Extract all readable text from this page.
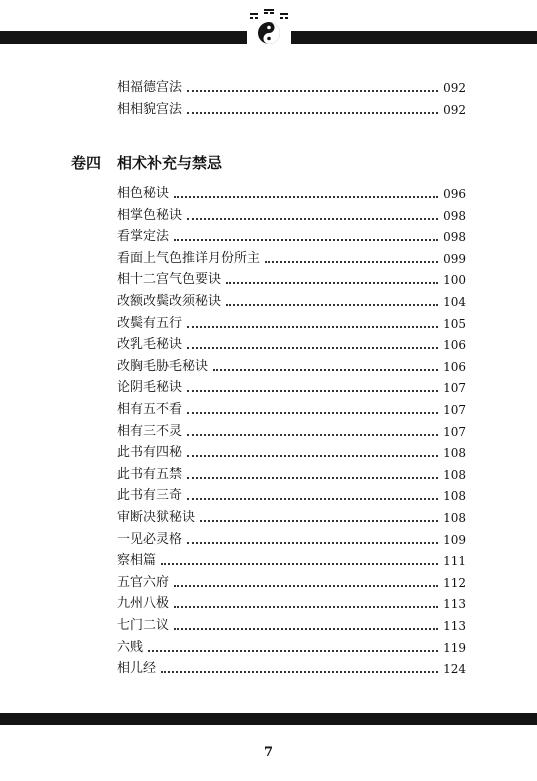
相福德宫法	092
相相貌宫法	092
卷四 相术补充与禁忌
相色秘诀	096
相掌色秘诀	098
看掌定法	098
看面上气色推详月份所主	099
相十二宫气色要诀	100
改额改鬓改须秘诀	104
改鬓有五行	105
改乳毛秘诀	106
改胸毛胁毛秘诀	106
论阴毛秘诀	107
相有五不看	107
相有三不灵	107
此书有四秘	108
此书有五禁	108
此书有三奇	108
审断决狱秘诀	108
一见必灵格	109
察相篇	111
五官六府	112
九州八极	113
七门二议	113
六贱	119
相儿经	124
7
